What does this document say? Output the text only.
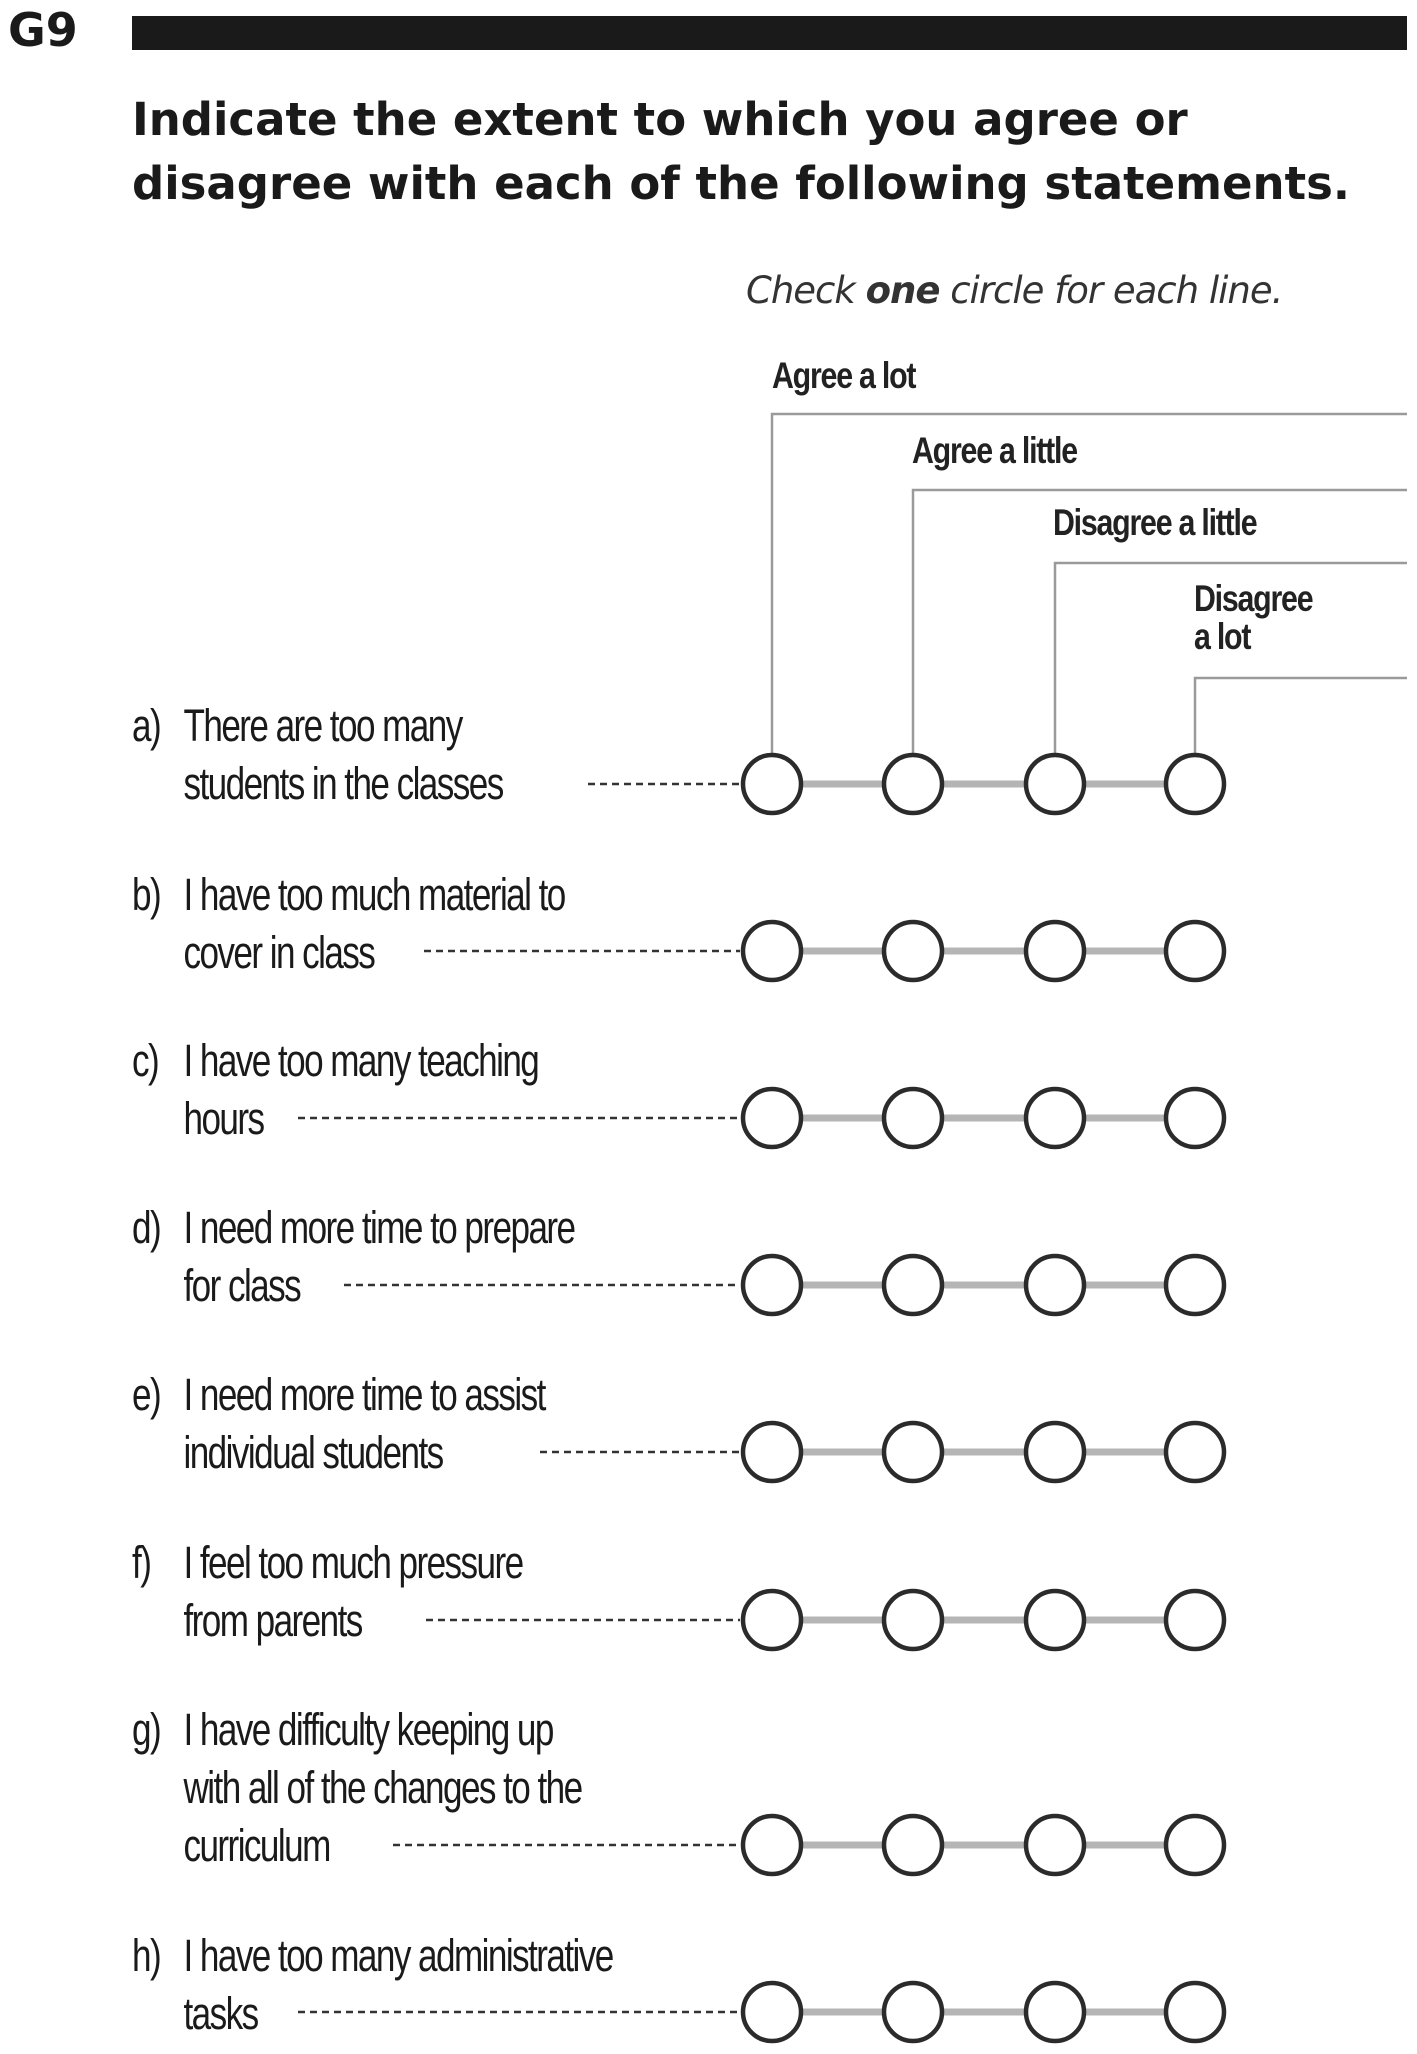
G9
Indicate the extent to which you agree or disagree with each of the following statements.
Check one circle for each line.
Agree a lot
Agree a little
Disagree a little
Disagree
a lot
a) There are too many
students in the classes
b) I have too much material to
cover in class
c) I have too many teaching
hours
d) I need more time to prepare
for class
e) I need more time to assist
individual students
f) I feel too much pressure
from parents
g) I have difficulty keeping up
with all of the changes to the
curriculum
h) I have too many administrative
tasks
